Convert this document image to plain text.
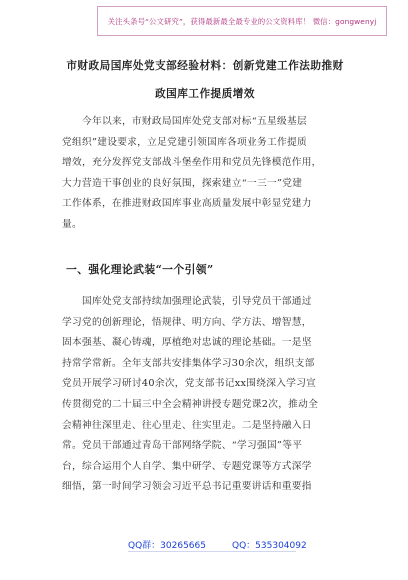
关注头条号“公文研究”，获得最新最全最专业的公文资料库！ 微信：gongwenyj
市财政局国库处党支部经验材料：创新党建工作法助推财
政国库工作提质增效
今年以来，市财政局国库处党支部对标“五星级基层
党组织”建设要求，立足党建引领国库各项业务工作提质
增效，充分发挥党支部战斗堡垒作用和党员先锋模范作用，
大力营造干事创业的良好氛围，探索建立“一三一”党建
工作体系，在推进财政国库事业高质量发展中彰显党建力
量。
一、强化理论武装“一个引领”
国库处党支部持续加强理论武装，引导党员干部通过
学习党的创新理论，悟规律、明方向、学方法、增智慧，
固本强基、凝心铸魂，厚植绝对忠诚的理论基础。一是坚
持常学常新。全年支部共安排集体学习30余次，组织支部
党员开展学习研讨40余次，党支部书记xx围绕深入学习宣
传贯彻党的二十届三中全会精神讲授专题党课2次，推动全
会精神往深里走、往心里走、往实里走。二是坚持融入日
常。党员干部通过青岛干部网络学院、“学习强国”等平
台，综合运用个人自学、集中研学、专题党课等方式深学
细悟，第一时间学习领会习近平总书记重要讲话和重要指
QQ群：30265665	QQ：535304092
